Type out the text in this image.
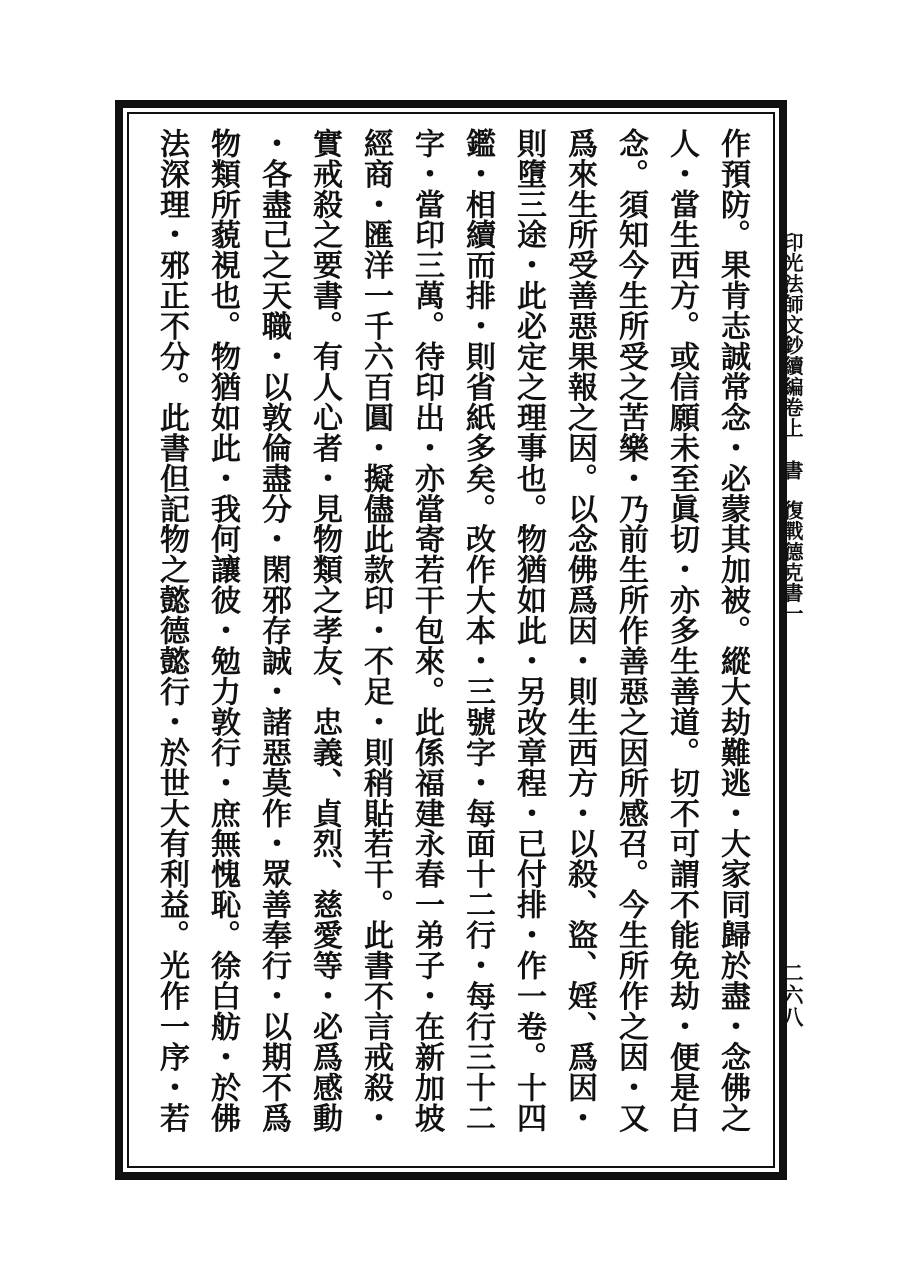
作預防。果肯志誠常念・必蒙其加被。縱大劫難逃・大家同歸於盡・念佛之
人・當生西方。或信願未至眞切・亦多生善道。切不可謂不能免劫・便是白
念。須知今生所受之苦樂・乃前生所作善惡之因所感召。今生所作之因・又
爲來生所受善惡果報之因。以念佛爲因・則生西方・以殺、盜、婬、爲因・
則墮三途・此必定之理事也。物猶如此・另改章程・已付排・作一卷。十四
鑑・相續而排・則省紙多矣。改作大本・三號字・每面十二行・每行三十二
字・當印三萬。待印出・亦當寄若干包來。此係福建永春一弟子・在新加坡
經商・匯洋一千六百圓・擬儘此款印・不足・則稍貼若干。此書不言戒殺・
實戒殺之要書。有人心者・見物類之孝友、忠義、貞烈、慈愛等・必爲感動
・各盡己之天職・以敦倫盡分・閑邪存誠・諸惡莫作・眾善奉行・以期不爲
物類所藐視也。物猶如此・我何讓彼・勉力敦行・庶無愧恥。徐白舫・於佛
法深理・邪正不分。此書但記物之懿德懿行・於世大有利益。光作一序・若	印光法師文鈔續編卷上
書
復戰德克書一
二六八
